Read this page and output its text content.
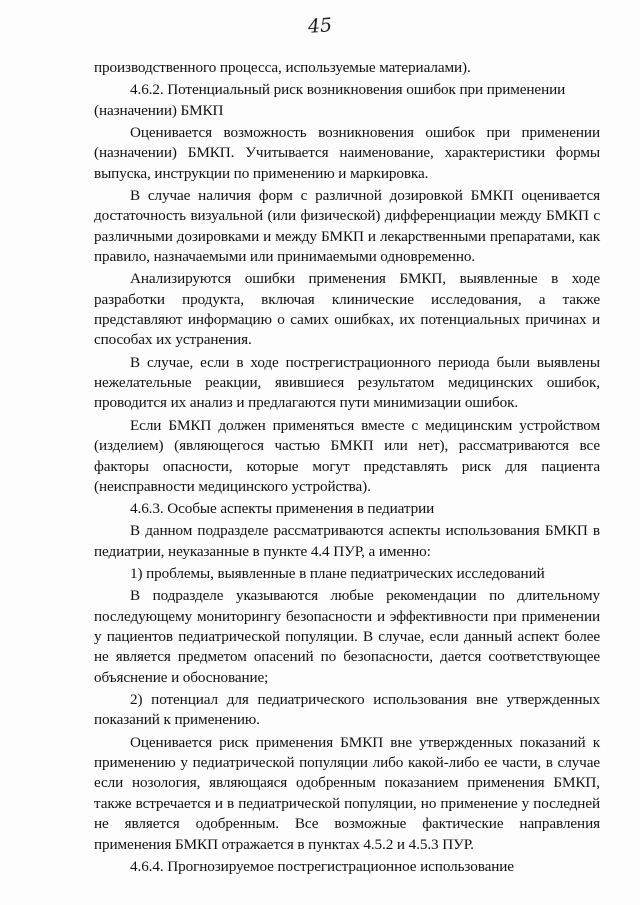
45

производственного процесса, используемые материалами).

4.6.2. Потенциальный риск возникновения ошибок при применении (назначении) БМКП

Оценивается возможность возникновения ошибок при применении (назначении) БМКП. Учитывается наименование, характеристики формы выпуска, инструкции по применению и маркировка.

В случае наличия форм с различной дозировкой БМКП оценивается достаточность визуальной (или физической) дифференциации между БМКП с различными дозировками и между БМКП и лекарственными препаратами, как правило, назначаемыми или принимаемыми одновременно.

Анализируются ошибки применения БМКП, выявленные в ходе разработки продукта, включая клинические исследования, а также представляют информацию о самих ошибках, их потенциальных причинах и способах их устранения.

В случае, если в ходе пострегистрационного периода были выявлены нежелательные реакции, явившиеся результатом медицинских ошибок, проводится их анализ и предлагаются пути минимизации ошибок.

Если БМКП должен применяться вместе с медицинским устройством (изделием) (являющегося частью БМКП или нет), рассматриваются все факторы опасности, которые могут представлять риск для пациента (неисправности медицинского устройства).

4.6.3. Особые аспекты применения в педиатрии

В данном подразделе рассматриваются аспекты использования БМКП в педиатрии, неуказанные в пункте 4.4 ПУР, а именно:

1) проблемы, выявленные в плане педиатрических исследований

В подразделе указываются любые рекомендации по длительному последующему мониторингу безопасности и эффективности при применении у пациентов педиатрической популяции. В случае, если данный аспект более не является предметом опасений по безопасности, дается соответствующее объяснение и обоснование;

2) потенциал для педиатрического использования вне утвержденных показаний к применению.

Оценивается риск применения БМКП вне утвержденных показаний к применению у педиатрической популяции либо какой-либо ее части, в случае если нозология, являющаяся одобренным показанием применения БМКП, также встречается и в педиатрической популяции, но применение у последней не является одобренным. Все возможные фактические направления применения БМКП отражается в пунктах 4.5.2 и 4.5.3 ПУР.

4.6.4. Прогнозируемое пострегистрационное использование
